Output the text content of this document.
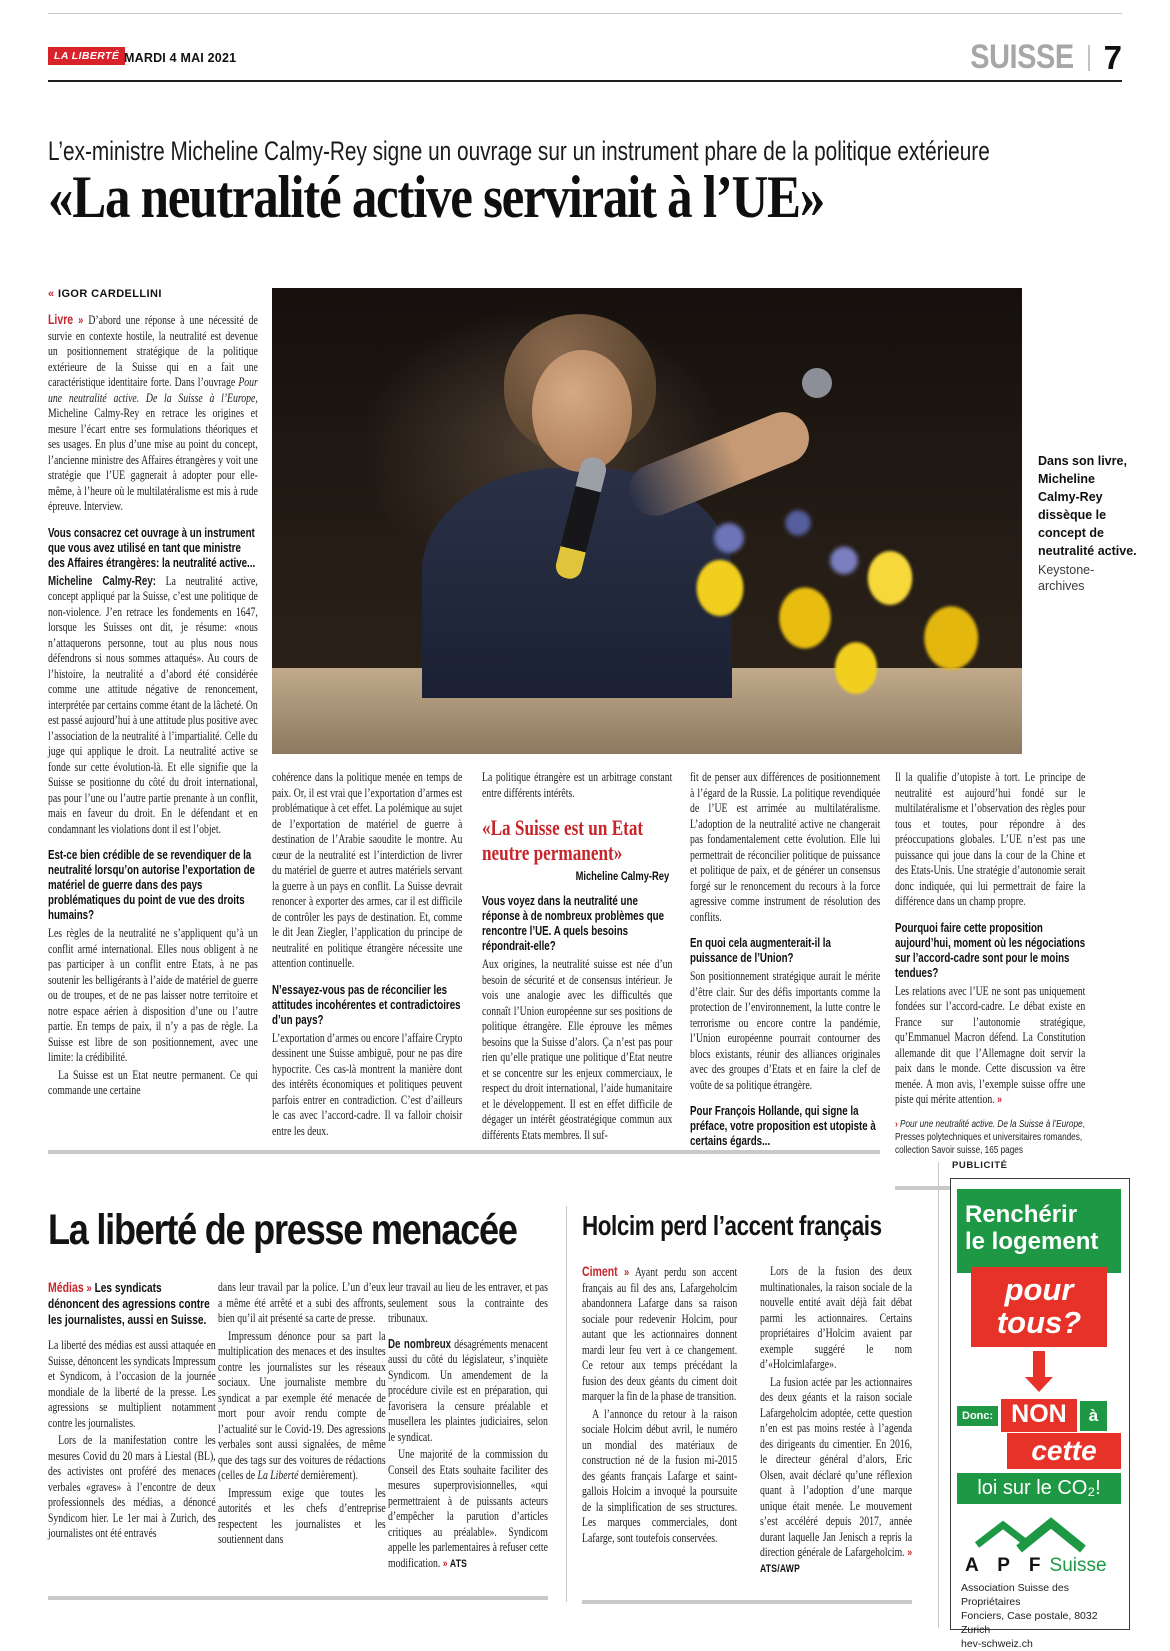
LA LIBERTÉ MARDI 4 MAI 2021	SUISSE 7
L’ex-ministre Micheline Calmy-Rey signe un ouvrage sur un instrument phare de la politique extérieure
«La neutralité active servirait à l’UE»
« IGOR CARDELLINI
Dans son livre, Micheline Calmy-Rey dissèque le concept de neutralité active.
Keystone-archives

Livre » D’abord une réponse à une nécessité de survie en contexte hostile, la neutralité est devenue un positionnement stratégique de la politique extérieure de la Suisse qui en a fait une caractéristique identitaire forte. Dans l’ouvrage Pour une neutralité active. De la Suisse à l’Europe, Micheline Calmy-Rey en retrace les origines et mesure l’écart entre ses formulations théoriques et ses usages. En plus d’une mise au point du concept, l’ancienne ministre des Affaires étrangères y voit une stratégie que l’UE gagnerait à adopter pour elle-même, à l’heure où le multilatéralisme est mis à rude épreuve. Interview.

Vous consacrez cet ouvrage à un instrument que vous avez utilisé en tant que ministre des Affaires étrangères: la neutralité active...

Micheline Calmy-Rey: La neutralité active, concept appliqué par la Suisse, c’est une politique de non-violence. J’en retrace les fondements en 1647, lorsque les Suisses ont dit, je résume: «nous n’attaquerons personne, tout au plus nous nous défendrons si nous sommes attaqués». Au cours de l’histoire, la neutralité a d’abord été considérée comme une attitude négative de renoncement, interprétée par certains comme étant de la lâcheté. On est passé aujourd’hui à une attitude plus positive avec l’association de la neutralité à l’impartialité. Celle du juge qui applique le droit. La neutralité active se fonde sur cette évolution-là. Et elle signifie que la Suisse se positionne du côté du droit international, pas pour l’une ou l’autre partie prenante à un conflit, mais en faveur du droit. En le défendant et en condamnant les violations dont il est l’objet.

Est-ce bien crédible de se revendiquer de la neutralité lorsqu’on autorise l’exportation de matériel de guerre dans des pays problématiques du point de vue des droits humains?

Les règles de la neutralité ne s’appliquent qu’à un conflit armé international. Elles nous obligent à ne pas participer à un conflit entre Etats, à ne pas soutenir les belligérants à l’aide de matériel de guerre ou de troupes, et de ne pas laisser notre territoire et notre espace aérien à disposition d’une ou l’autre partie. En temps de paix, il n’y a pas de règle. La Suisse est libre de son positionnement, avec une limite: la crédibilité.

La Suisse est un Etat neutre permanent. Ce qui commande une certaine

cohérence dans la politique menée en temps de paix. Or, il est vrai que l’exportation d’armes est problématique à cet effet. La polémique au sujet de l’exportation de matériel de guerre à destination de l’Arabie saoudite le montre. Au cœur de la neutralité est l’interdiction de livrer du matériel de guerre et autres matériels servant la guerre à un pays en conflit. La Suisse devrait renoncer à exporter des armes, car il est difficile de contrôler les pays de destination. Et, comme le dit Jean Ziegler, l’application du principe de neutralité en politique étrangère nécessite une attention continuelle.

N’essayez-vous pas de réconcilier les attitudes incohérentes et contradictoires d’un pays?

L’exportation d’armes ou encore l’affaire Crypto dessinent une Suisse ambiguë, pour ne pas dire hypocrite. Ces cas-là montrent la manière dont des intérêts économiques et politiques peuvent parfois entrer en contradiction. C’est d’ailleurs le cas avec l’accord-cadre. Il va falloir choisir entre les deux.

La politique étrangère est un arbitrage constant entre différents intérêts.

«La Suisse est un Etat neutre permanent»
Micheline Calmy-Rey

Vous voyez dans la neutralité une réponse à de nombreux problèmes que rencontre l’UE. A quels besoins répondrait-elle?

Aux origines, la neutralité suisse est née d’un besoin de sécurité et de consensus intérieur. Je vois une analogie avec les difficultés que connaît l’Union européenne sur ses positions de politique étrangère. Elle éprouve les mêmes besoins que la Suisse d’alors. Ça n’est pas pour rien qu’elle pratique une politique d’Etat neutre et se concentre sur les enjeux commerciaux, le respect du droit international, l’aide humanitaire et le développement. Il est en effet difficile de dégager un intérêt géostratégique commun aux différents Etats membres. Il suf-

fit de penser aux différences de positionnement à l’égard de la Russie. La politique revendiquée de l’UE est arrimée au multilatéralisme. L’adoption de la neutralité active ne changerait pas fondamentalement cette évolution. Elle lui permettrait de réconcilier politique de puissance et politique de paix, et de générer un consensus forgé sur le renoncement du recours à la force agressive comme instrument de résolution des conflits.

En quoi cela augmenterait-il la puissance de l’Union?

Son positionnement stratégique aurait le mérite d’être clair. Sur des défis importants comme la protection de l’environnement, la lutte contre le terrorisme ou encore contre la pandémie, l’Union européenne pourrait contourner des blocs existants, réunir des alliances originales avec des groupes d’Etats et en faire la clef de voûte de sa politique étrangère.

Pour François Hollande, qui signe la préface, votre proposition est utopiste à certains égards...

Il la qualifie d’utopiste à tort. Le principe de neutralité est aujourd’hui fondé sur le multilatéralisme et l’observation des règles pour tous et toutes, pour répondre à des préoccupations globales. L’UE n’est pas une puissance qui joue dans la cour de la Chine et des Etats-Unis. Une stratégie d’autonomie serait donc indiquée, qui lui permettrait de faire la différence dans un champ propre.

Pourquoi faire cette proposition aujourd’hui, moment où les négociations sur l’accord-cadre sont pour le moins tendues?

Les relations avec l’UE ne sont pas uniquement fondées sur l’accord-cadre. Le débat existe en France sur l’autonomie stratégique, qu’Emmanuel Macron défend. La Constitution allemande dit que l’Allemagne doit servir la paix dans le monde. Cette discussion va être menée. A mon avis, l’exemple suisse offre une piste qui mérite attention. »

› Pour une neutralité active. De la Suisse à l’Europe, Presses polytechniques et universitaires romandes, collection Savoir suisse, 165 pages
La liberté de presse menacée

Médias » Les syndicats dénoncent des agressions contre les journalistes, aussi en Suisse.

La liberté des médias est aussi attaquée en Suisse, dénoncent les syndicats Impressum et Syndicom, à l’occasion de la journée mondiale de la liberté de la presse. Les agressions se multiplient notamment contre les journalistes.

Lors de la manifestation contre les mesures Covid du 20 mars à Liestal (BL), des activistes ont proféré des menaces verbales «graves» à l’encontre de deux professionnels des médias, a dénoncé Syndicom hier. Le 1er mai à Zurich, des journalistes ont été entravés

dans leur travail par la police. L’un d’eux a même été arrêté et a subi des affronts, bien qu’il ait présenté sa carte de presse.

Impressum dénonce pour sa part la multiplication des menaces et des insultes contre les journalistes sur les réseaux sociaux. Une journaliste membre du syndicat a par exemple été menacée de mort pour avoir rendu compte de l’actualité sur le Covid-19. Des agressions verbales sont aussi signalées, de même que des tags sur des voitures de rédactions (celles de La Liberté dernièrement).

Impressum exige que toutes les autorités et les chefs d’entreprise respectent les journalistes et les soutiennent dans

leur travail au lieu de les entraver, et pas seulement sous la contrainte des tribunaux.

De nombreux désagréments menacent aussi du côté du législateur, s’inquiète Syndicom. Un amendement de la procédure civile est en préparation, qui favorisera la censure préalable et musellera les plaintes judiciaires, selon le syndicat.

Une majorité de la commission du Conseil des Etats souhaite faciliter des mesures superprovisionnelles, «qui permettraient à de puissants acteurs d’empêcher la parution d’articles critiques au préalable». Syndicom appelle les parlementaires à refuser cette modification. » ATS

Holcim perd l’accent français

Ciment » Ayant perdu son accent français au fil des ans, Lafargeholcim abandonnera Lafarge dans sa raison sociale pour redevenir Holcim, pour autant que les actionnaires donnent mardi leur feu vert à ce changement. Ce retour aux temps précédant la fusion des deux géants du ciment doit marquer la fin de la phase de transition.

A l’annonce du retour à la raison sociale Holcim début avril, le numéro un mondial des matériaux de construction né de la fusion mi-2015 des géants français Lafarge et saint-gallois Holcim a invoqué la poursuite de la simplification de ses structures. Les marques commerciales, dont Lafarge, sont toutefois conservées.

Lors de la fusion des deux multinationales, la raison sociale de la nouvelle entité avait déjà fait débat parmi les actionnaires. Certains propriétaires d’Holcim avaient par exemple suggéré le nom d’«Holcimlafarge».

La fusion actée par les actionnaires des deux géants et la raison sociale Lafargeholcim adoptée, cette question n’en est pas moins restée à l’agenda des dirigeants du cimentier. En 2016, le directeur général d’alors, Eric Olsen, avait déclaré qu’une réflexion quant à l’adoption d’une marque unique était menée. Le mouvement s’est accéléré depuis 2017, année durant laquelle Jan Jenisch a repris la direction générale de Lafargeholcim. » ATS/AWP

PUBLICITÉ
Renchérir
le logement
pour
tous?
Donc: NON	à
cette
loi sur le CO₂!
A P F Suisse
Association Suisse des Propriétaires
Fonciers, Case postale, 8032 Zurich
hev-schweiz.ch
